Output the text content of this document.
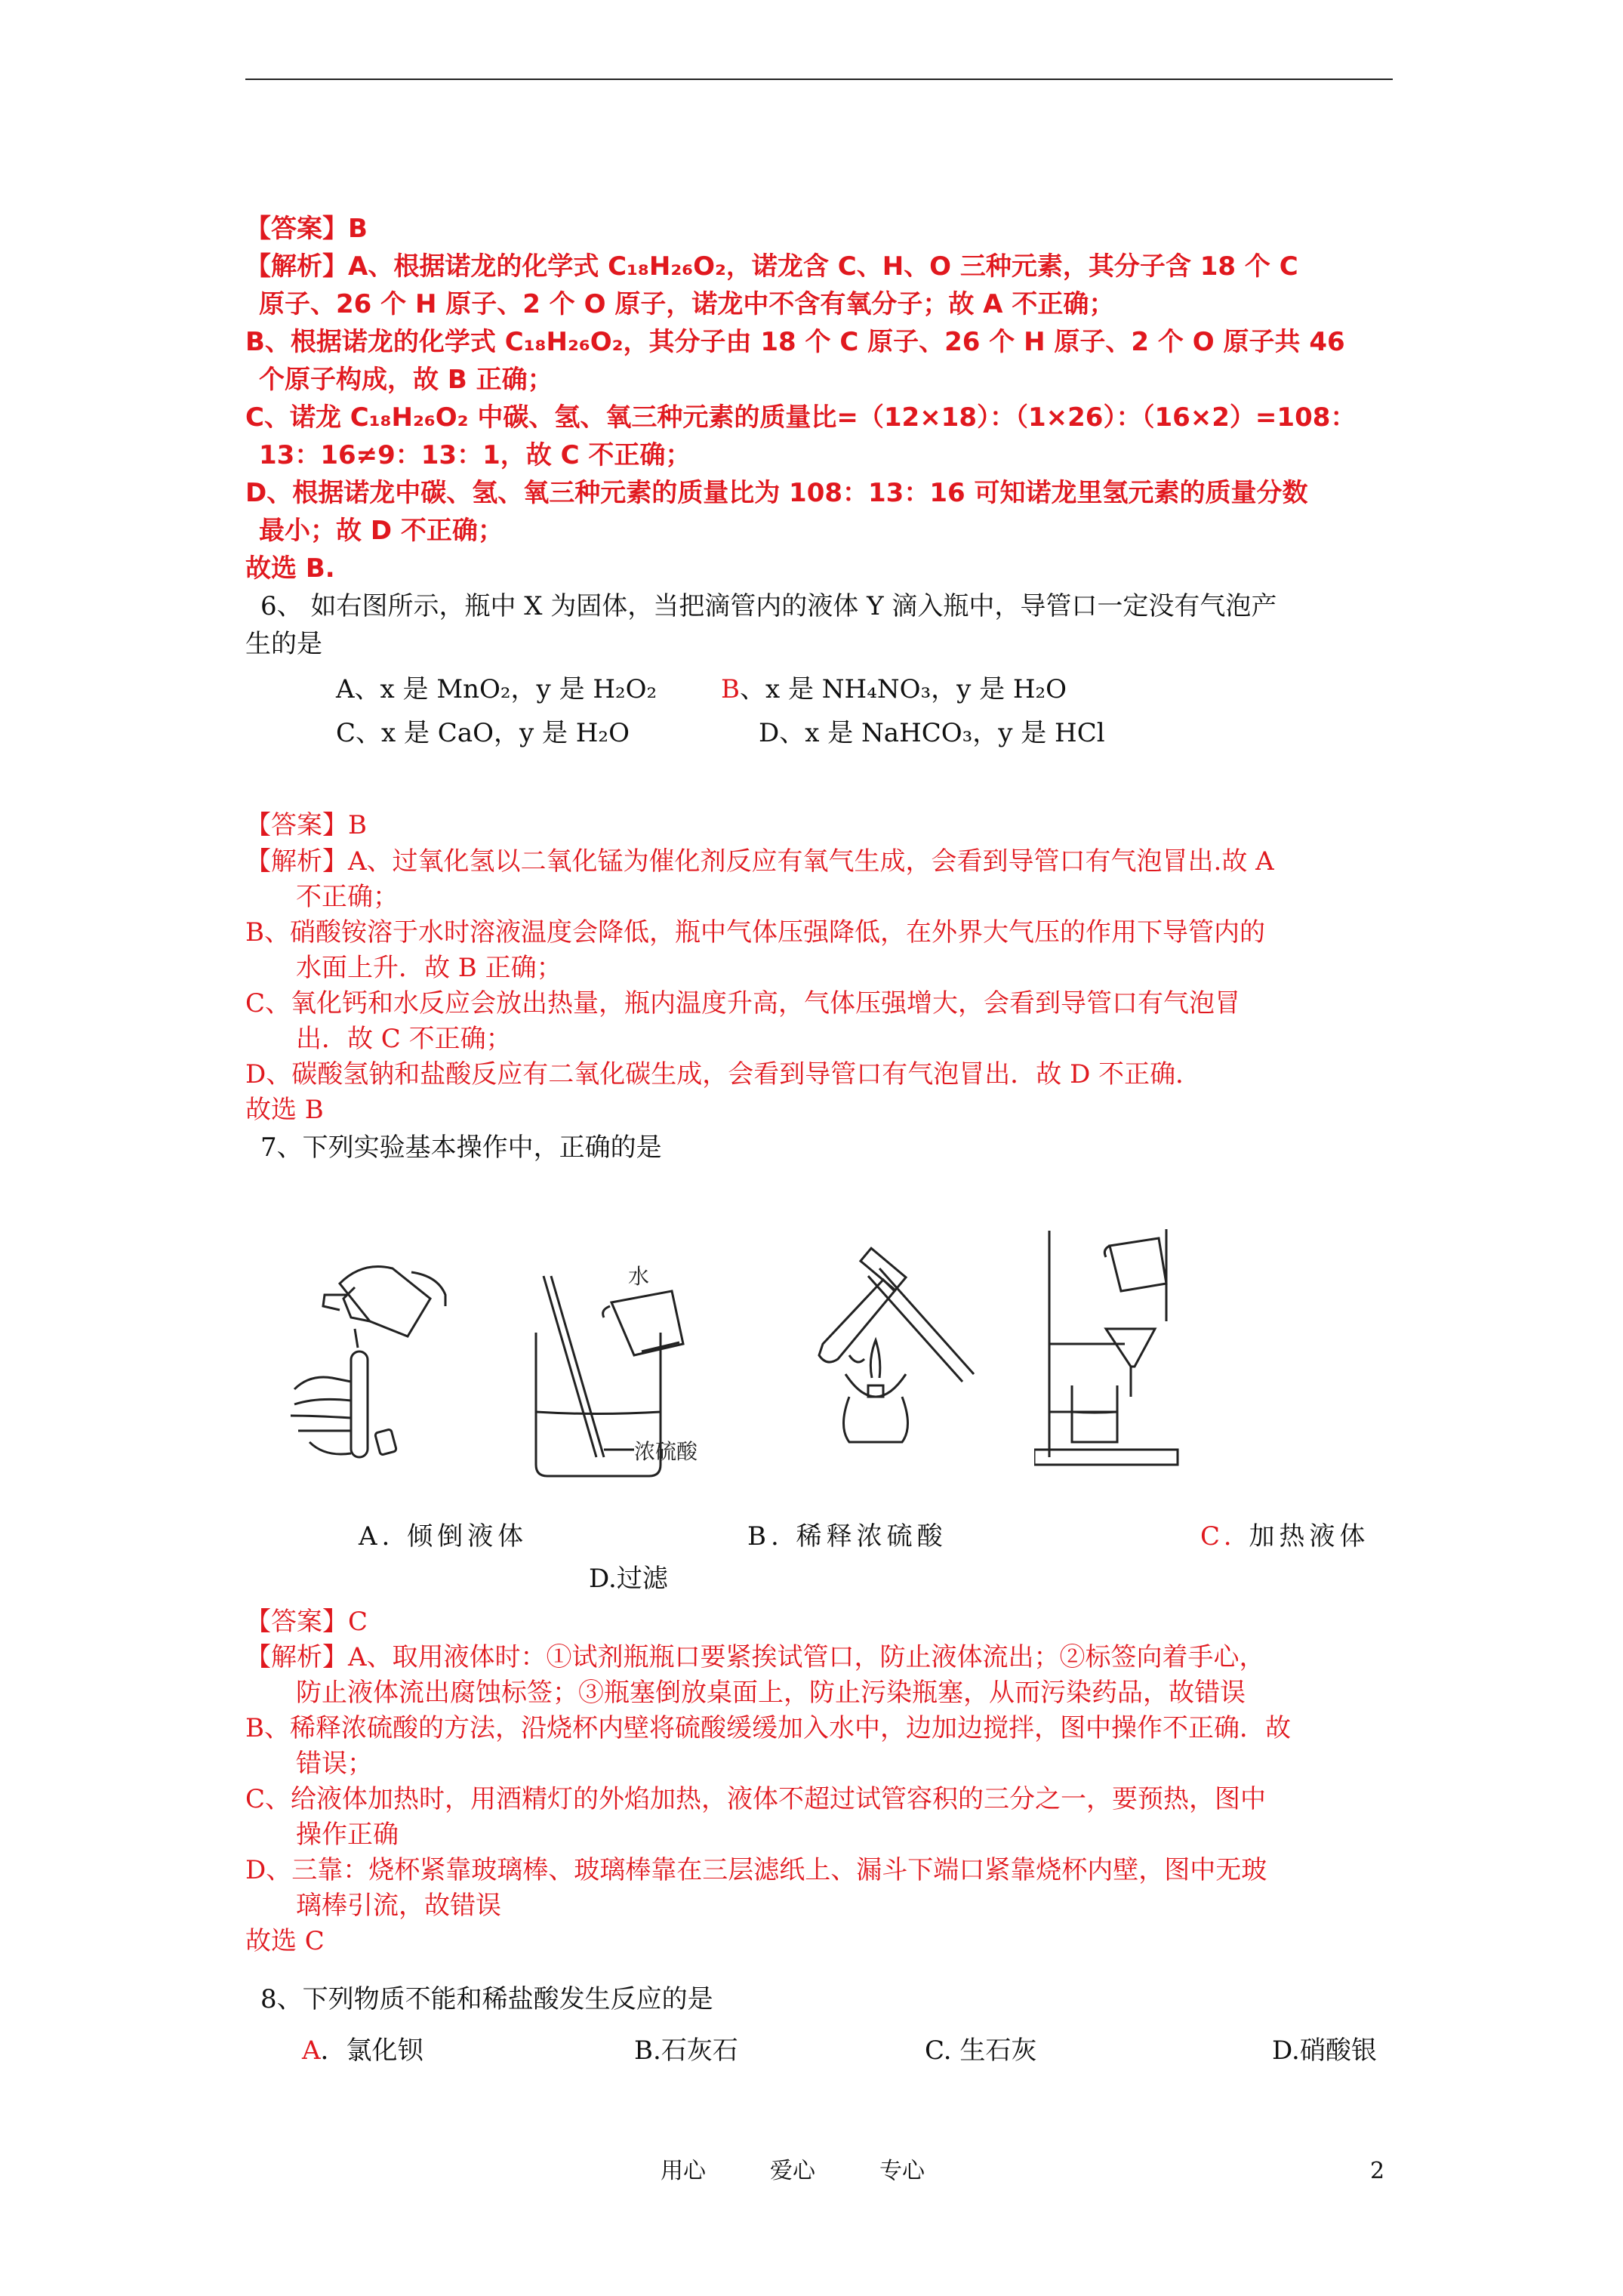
【答案】B
【解析】A、根据诺龙的化学式 C₁₈H₂₆O₂，诺龙含 C、H、O 三种元素，其分子含 18 个 C
原子、26 个 H 原子、2 个 O 原子，诺龙中不含有氧分子；故 A 不正确；
B、根据诺龙的化学式 C₁₈H₂₆O₂，其分子由 18 个 C 原子、26 个 H 原子、2 个 O 原子共 46
个原子构成，故 B 正确；
C、诺龙 C₁₈H₂₆O₂ 中碳、氢、氧三种元素的质量比=（12×18）：（1×26）：（16×2）=108：
13：16≠9：13：1，故 C 不正确；
D、根据诺龙中碳、氢、氧三种元素的质量比为 108：13：16 可知诺龙里氢元素的质量分数
最小；故 D 不正确；
故选 B.
6、 如右图所示，瓶中 X 为固体，当把滴管内的液体 Y 滴入瓶中，导管口一定没有气泡产
生的是
A、x 是 MnO₂，y 是 H₂O₂ B、x 是 NH₄NO₃，y 是 H₂O
C、x 是 CaO，y 是 H₂O	D、x 是 NaHCO₃，y 是 HCl
【答案】B
【解析】A、过氧化氢以二氧化锰为催化剂反应有氧气生成，会看到导管口有气泡冒出.故 A
不正确；
B、硝酸铵溶于水时溶液温度会降低，瓶中气体压强降低，在外界大气压的作用下导管内的
水面上升．故 B 正确；
C、氧化钙和水反应会放出热量，瓶内温度升高，气体压强增大，会看到导管口有气泡冒
出．故 C 不正确；
D、碳酸氢钠和盐酸反应有二氧化碳生成，会看到导管口有气泡冒出．故 D 不正确．
故选 B
7、下列实验基本操作中，正确的是
水
浓硫酸
A. 倾倒液体	B. 稀释浓硫酸	C. 加热液体
D.过滤
【答案】C
【解析】A、取用液体时：①试剂瓶瓶口要紧挨试管口，防止液体流出；②标签向着手心，
防止液体流出腐蚀标签；③瓶塞倒放桌面上，防止污染瓶塞，从而污染药品，故错误
B、稀释浓硫酸的方法，沿烧杯内壁将硫酸缓缓加入水中，边加边搅拌，图中操作不正确．故
错误；
C、给液体加热时，用酒精灯的外焰加热，液体不超过试管容积的三分之一，要预热，图中
操作正确
D、三靠：烧杯紧靠玻璃棒、玻璃棒靠在三层滤纸上、漏斗下端口紧靠烧杯内壁，图中无玻
璃棒引流，故错误
故选 C
8、下列物质不能和稀盐酸发生反应的是
A．氯化钡	B.石灰石	C. 生石灰	D.硝酸银
用心	爱心	专心	2
